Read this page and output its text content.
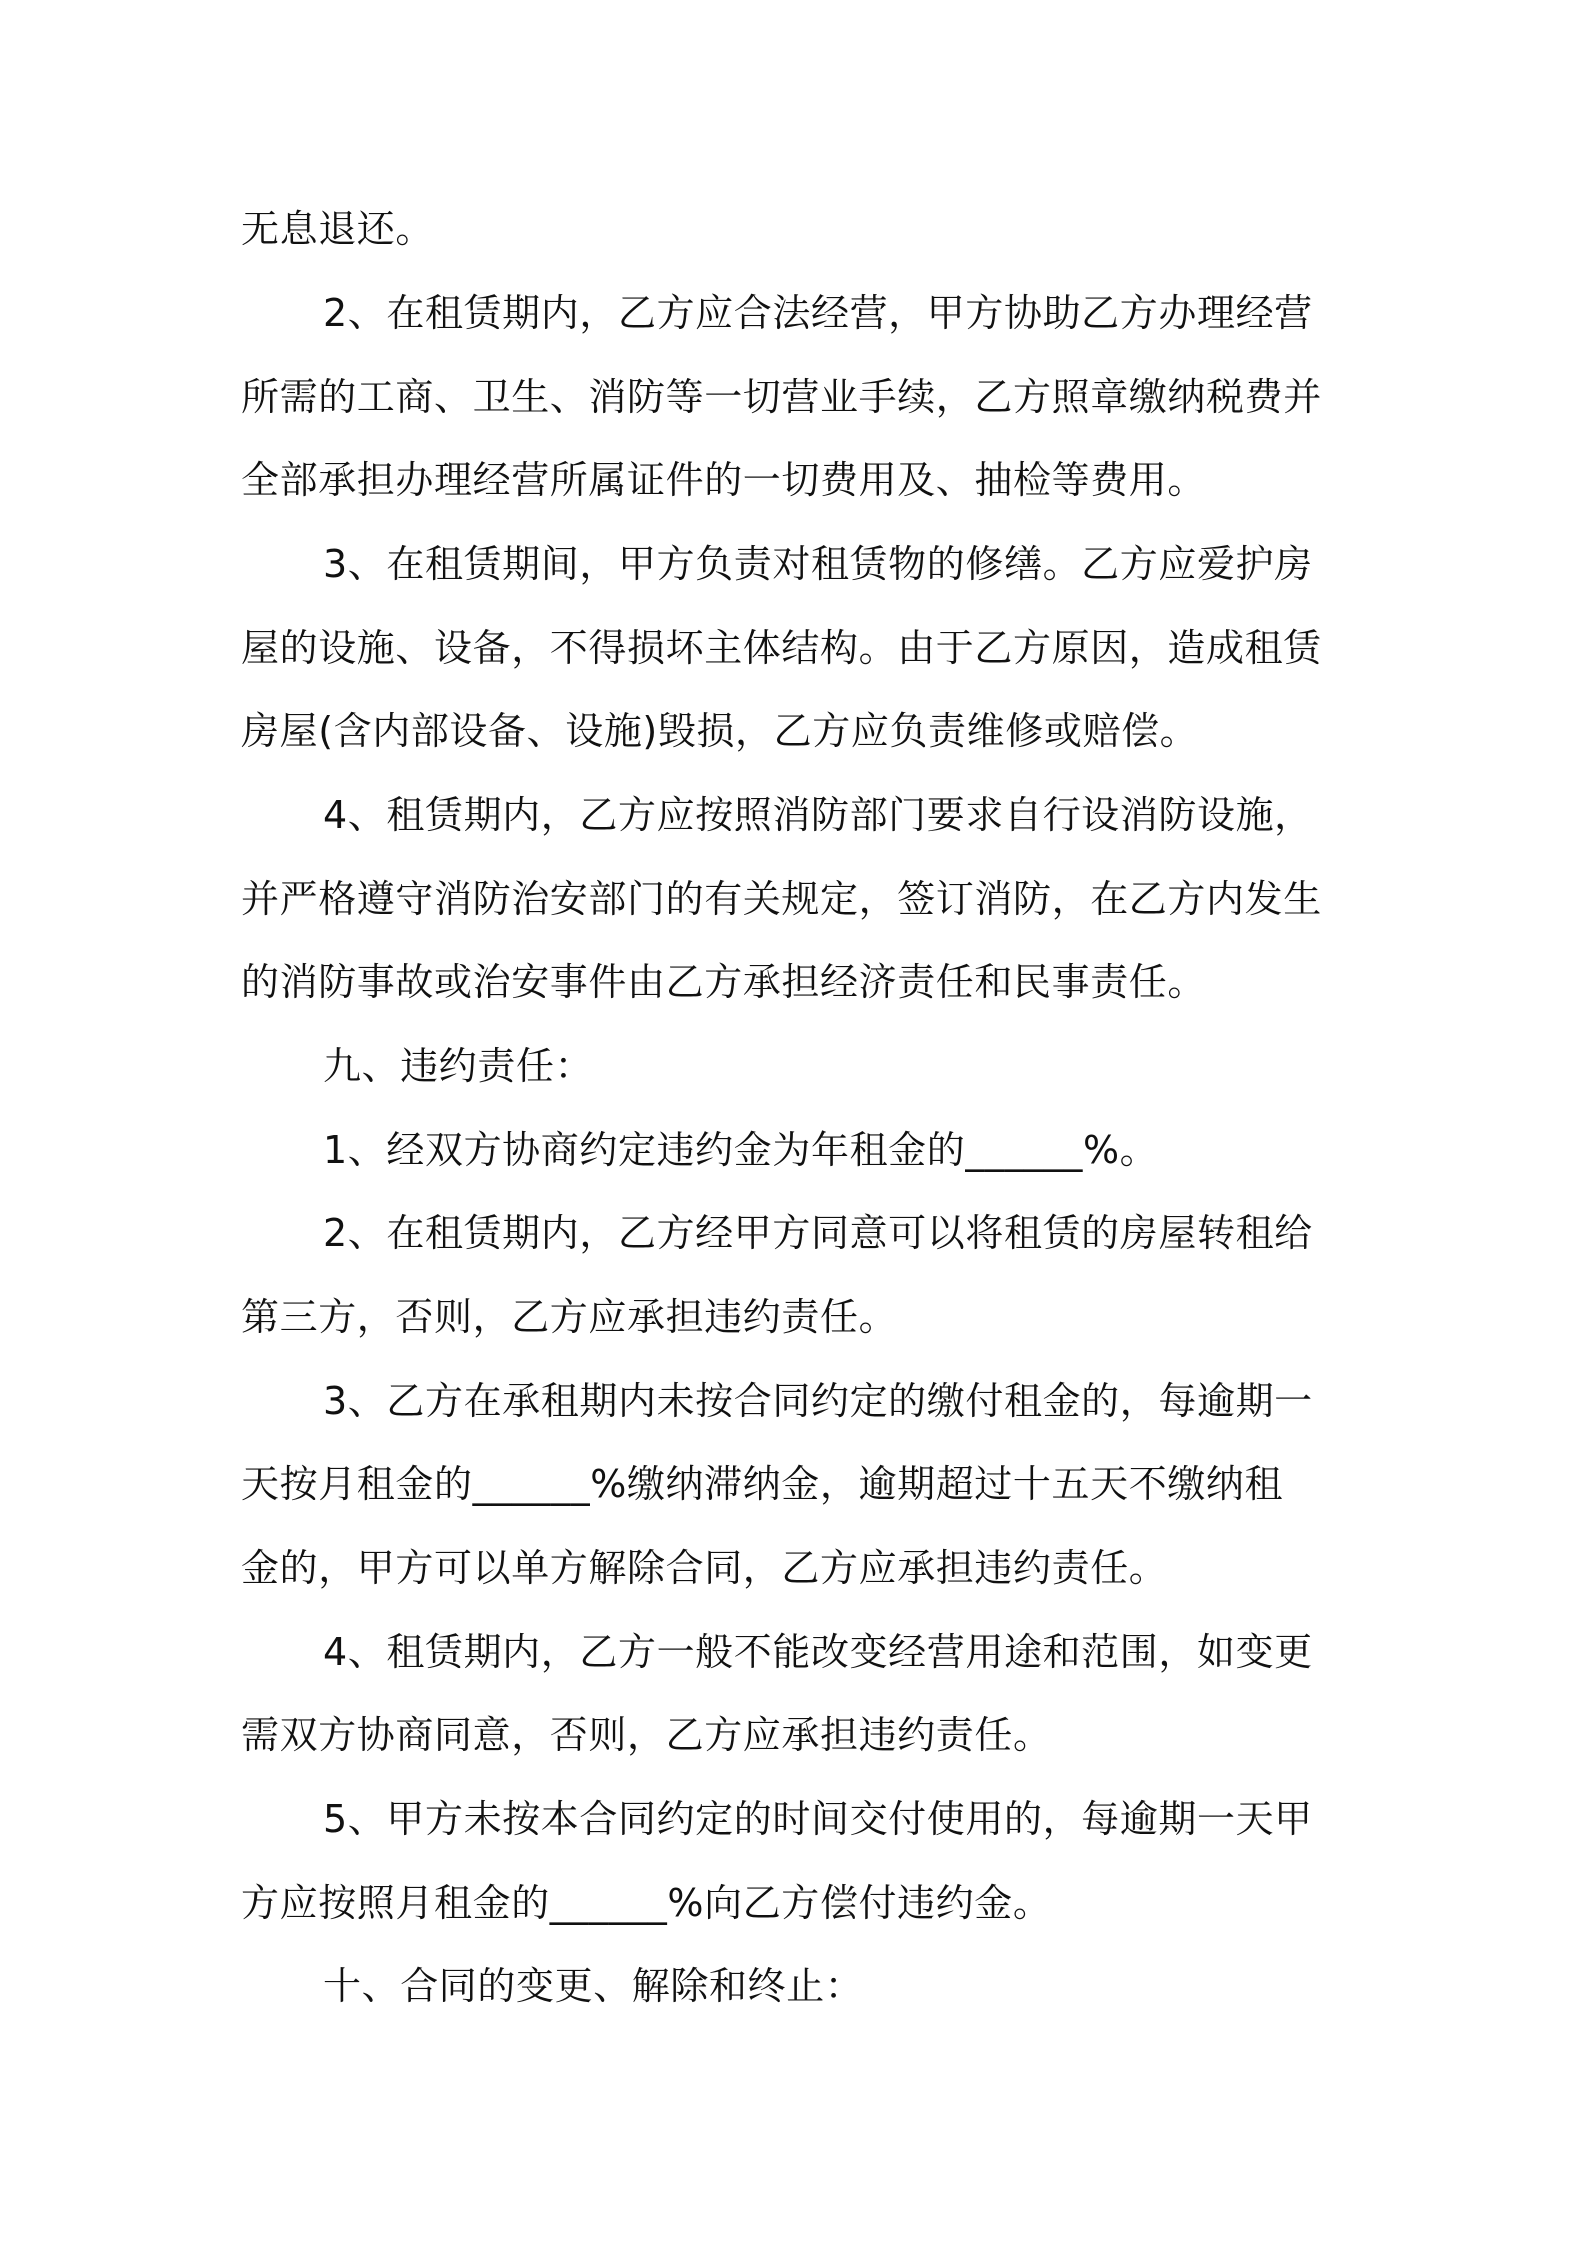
无息退还。
2、在租赁期内，乙方应合法经营，甲方协助乙方办理经营
所需的工商、卫生、消防等一切营业手续，乙方照章缴纳税费并
全部承担办理经营所属证件的一切费用及、抽检等费用。
3、在租赁期间，甲方负责对租赁物的修缮。乙方应爱护房
屋的设施、设备，不得损坏主体结构。由于乙方原因，造成租赁
房屋(含内部设备、设施)毁损，乙方应负责维修或赔偿。
4、租赁期内，乙方应按照消防部门要求自行设消防设施，
并严格遵守消防治安部门的有关规定，签订消防，在乙方内发生
的消防事故或治安事件由乙方承担经济责任和民事责任。
九、违约责任：
1、经双方协商约定违约金为年租金的______%。
2、在租赁期内，乙方经甲方同意可以将租赁的房屋转租给
第三方，否则，乙方应承担违约责任。
3、乙方在承租期内未按合同约定的缴付租金的，每逾期一
天按月租金的______%缴纳滞纳金，逾期超过十五天不缴纳租
金的，甲方可以单方解除合同，乙方应承担违约责任。
4、租赁期内，乙方一般不能改变经营用途和范围，如变更
需双方协商同意，否则，乙方应承担违约责任。
5、甲方未按本合同约定的时间交付使用的，每逾期一天甲
方应按照月租金的______%向乙方偿付违约金。
十、合同的变更、解除和终止：
